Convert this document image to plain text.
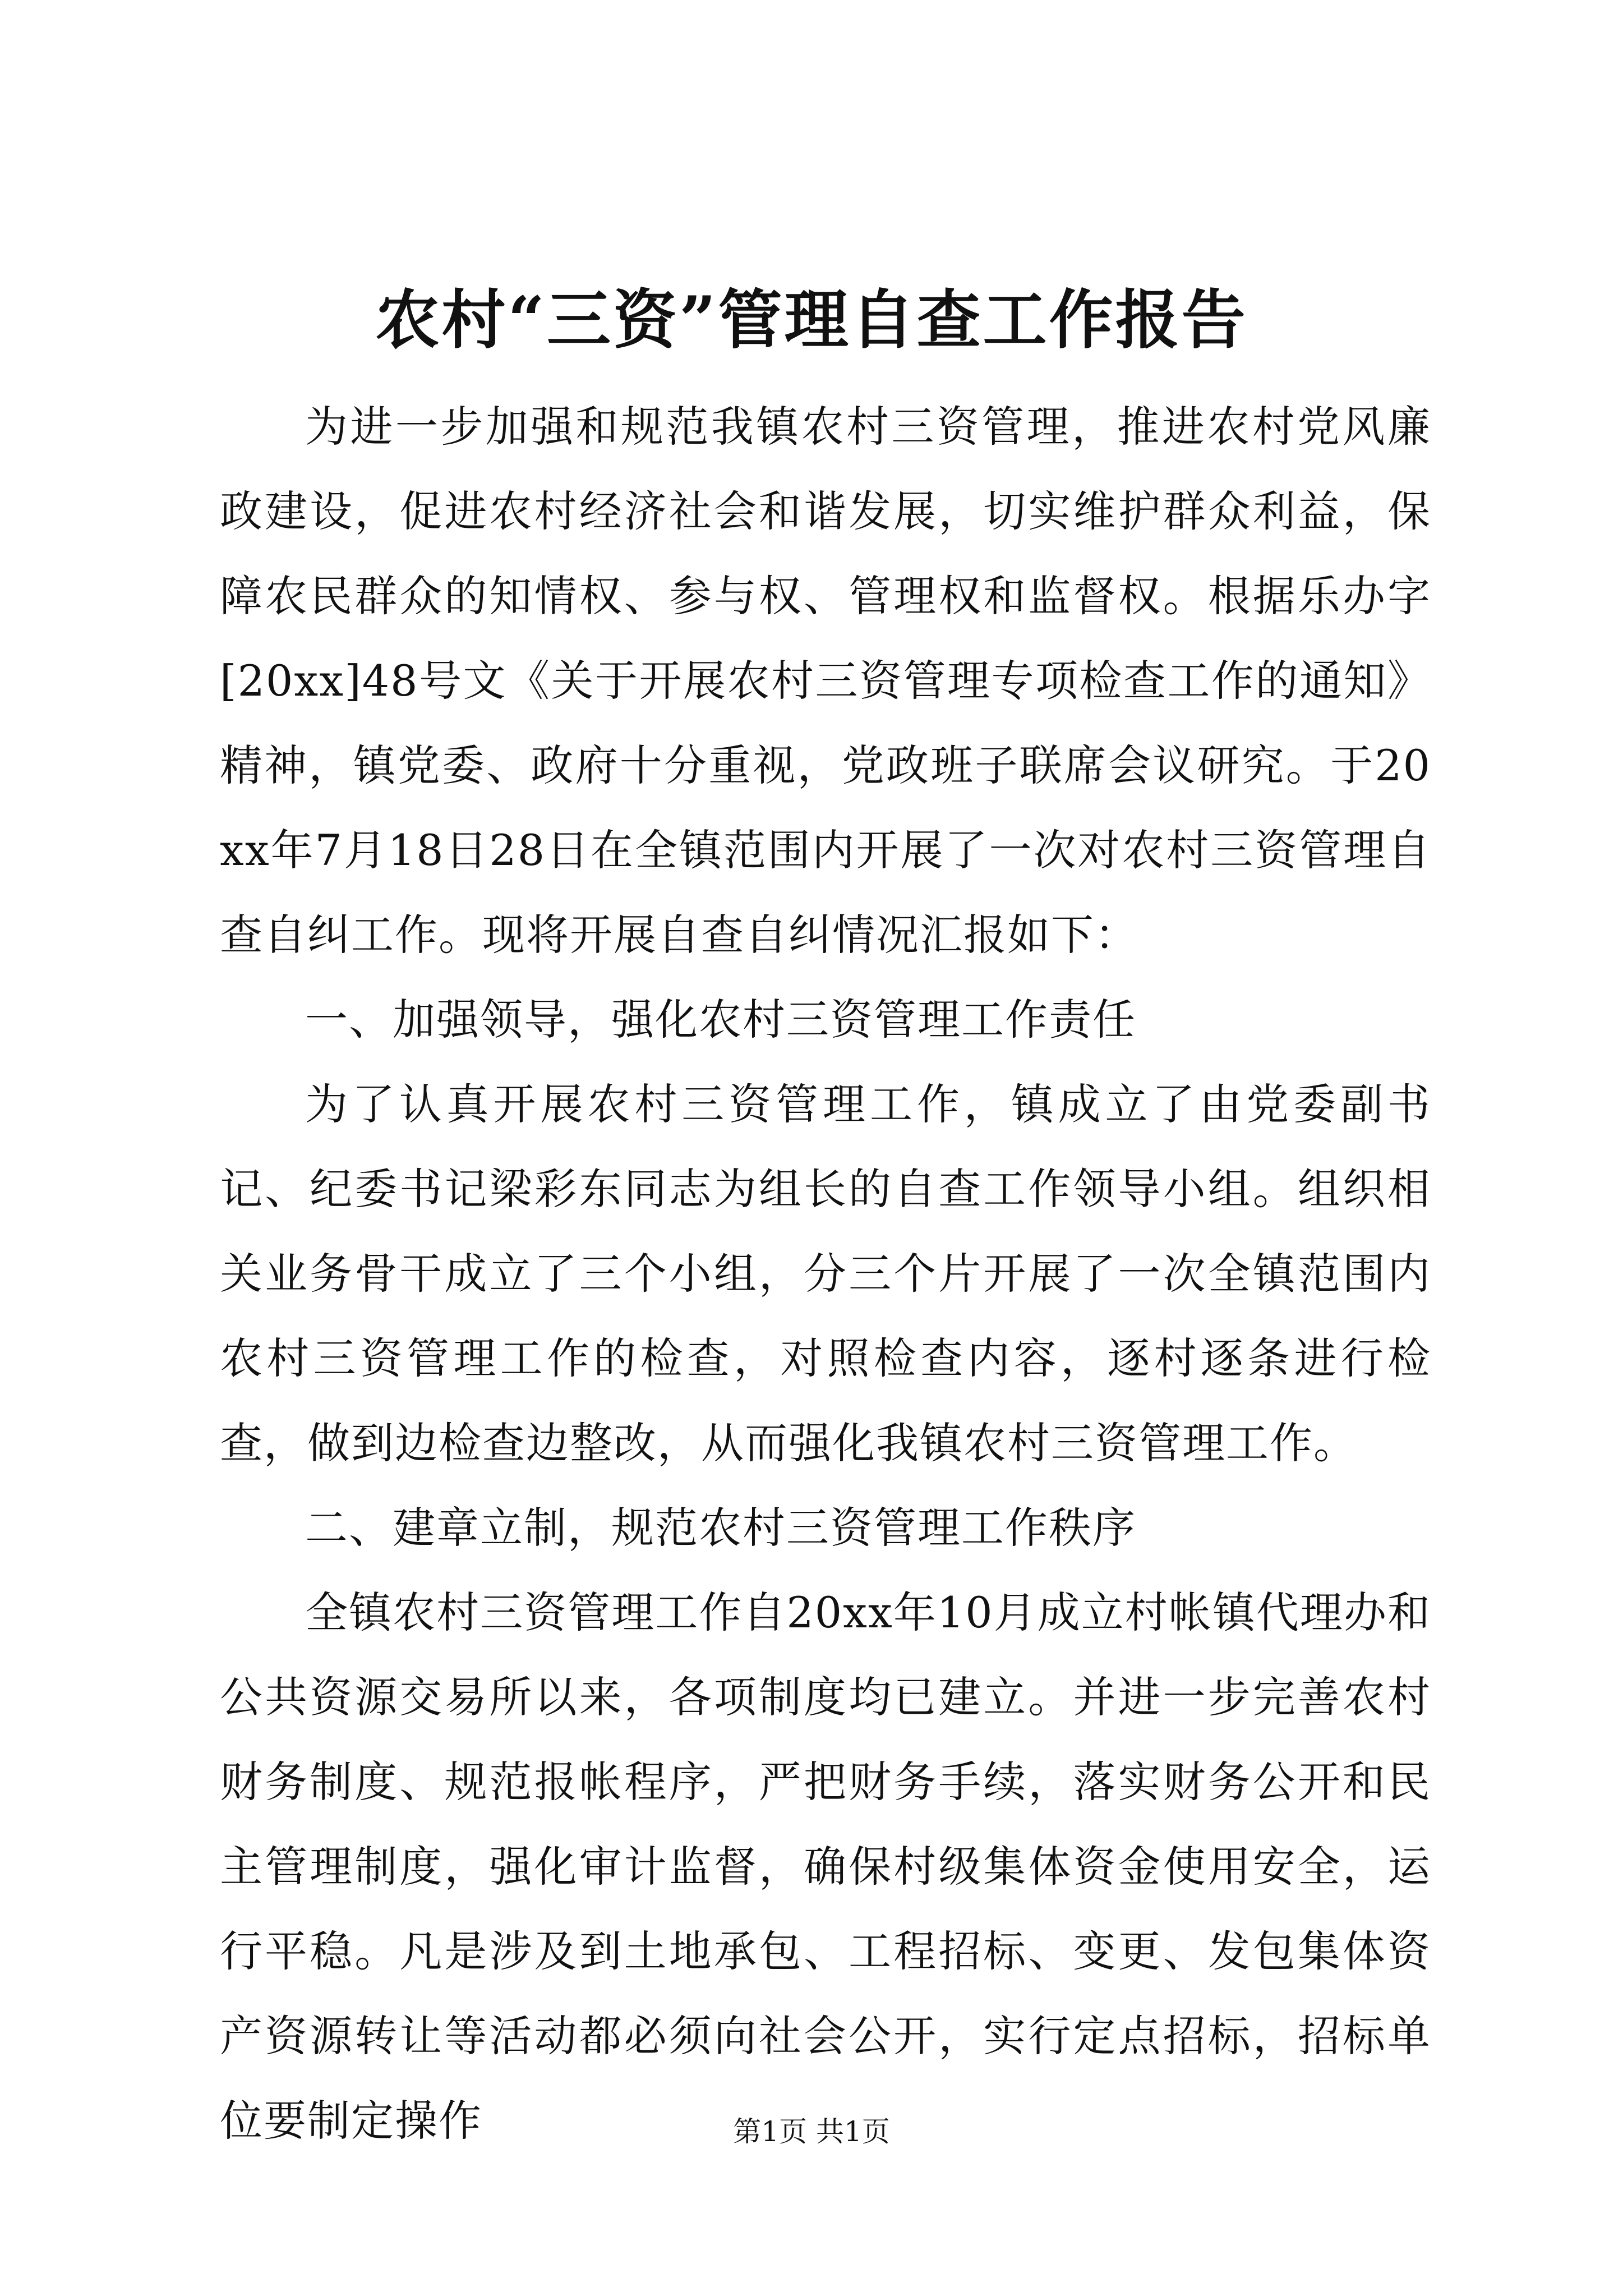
农村“三资”管理自查工作报告

为进一步加强和规范我镇农村三资管理，推进农村党风廉政建设，促进农村经济社会和谐发展，切实维护群众利益，保障农民群众的知情权、参与权、管理权和监督权。根据乐办字[20xx]48号文《关于开展农村三资管理专项检查工作的通知》精神，镇党委、政府十分重视，党政班子联席会议研究。于20xx年7月18日28日在全镇范围内开展了一次对农村三资管理自查自纠工作。现将开展自查自纠情况汇报如下：

一、加强领导，强化农村三资管理工作责任

为了认真开展农村三资管理工作，镇成立了由党委副书记、纪委书记梁彩东同志为组长的自查工作领导小组。组织相关业务骨干成立了三个小组，分三个片开展了一次全镇范围内农村三资管理工作的检查，对照检查内容，逐村逐条进行检查，做到边检查边整改，从而强化我镇农村三资管理工作。

二、建章立制，规范农村三资管理工作秩序

全镇农村三资管理工作自20xx年10月成立村帐镇代理办和公共资源交易所以来，各项制度均已建立。并进一步完善农村财务制度、规范报帐程序，严把财务手续，落实财务公开和民主管理制度，强化审计监督，确保村级集体资金使用安全，运行平稳。凡是涉及到土地承包、工程招标、变更、发包集体资产资源转让等活动都必须向社会公开，实行定点招标，招标单位要制定操作	第1页 共1页
